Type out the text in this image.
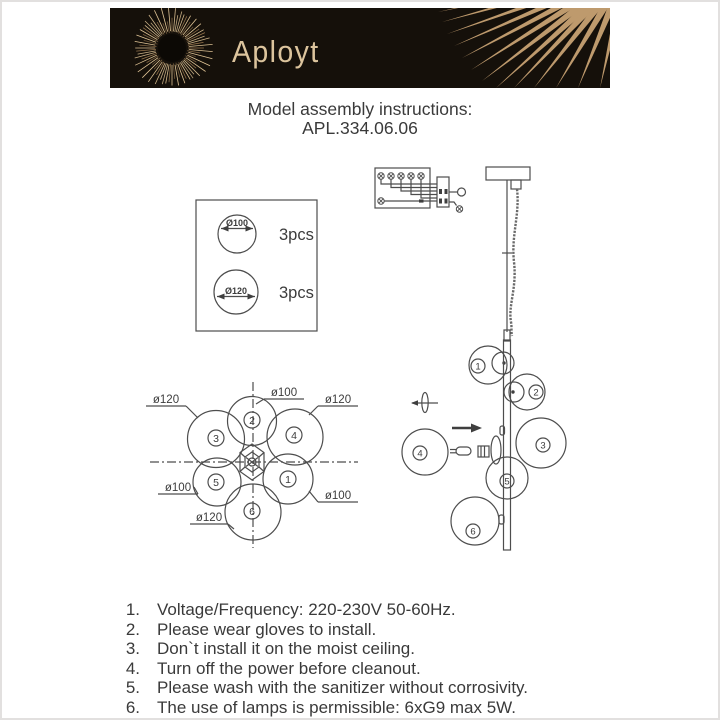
Aployt
Model assembly instructions:
APL.334.06.06
Ø100
3pcs
Ø120 3pcs
1
2
3
4
5
6
2
3	4
5	1
6
ø120
ø100
ø120
ø100
ø100
ø120
1.	Voltage/Frequency: 220-230V 50-60Hz.
2.	Please wear gloves to install.
3.	Don`t install it on the moist ceiling.
4.	Turn off the power before cleanout.
5.	Please wash with the sanitizer without corrosivity.
6.	The use of lamps is permissible: 6xG9 max 5W.
